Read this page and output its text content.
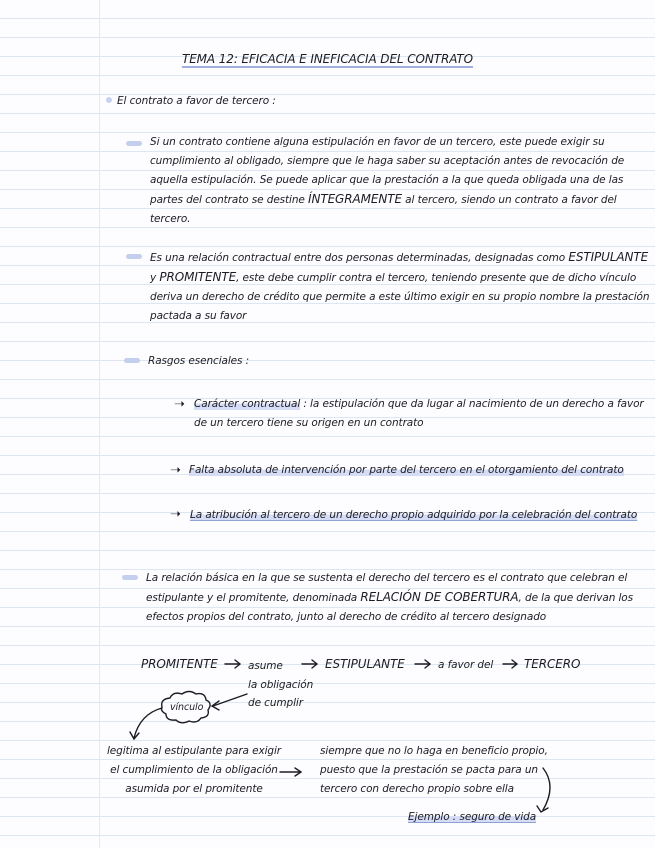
TEMA 12: EFICACIA E INEFICACIA DEL CONTRATO
El contrato a favor de tercero :
Si un contrato contiene alguna estipulación en favor de un tercero, este puede exigir su cumplimiento al obligado, siempre que le haga saber su aceptación antes de revocación de aquella estipulación. Se puede aplicar que la prestación a la que queda obligada una de las partes del contrato se destine ÍNTEGRAMENTE al tercero, siendo un contrato a favor del tercero.
Es una relación contractual entre dos personas determinadas, designadas como ESTIPULANTE y PROMITENTE, este debe cumplir contra el tercero, teniendo presente que de dicho vínculo deriva un derecho de crédito que permite a este último exigir en su propio nombre la prestación pactada a su favor
Rasgos esenciales :
➝ Carácter contractual : la estipulación que da lugar al nacimiento de un derecho a favor de un tercero tiene su origen en un contrato
➝ Falta absoluta de intervención por parte del tercero en el otorgamiento del contrato
➝ La atribución al tercero de un derecho propio adquirido por la celebración del contrato
La relación básica en la que se sustenta el derecho del tercero es el contrato que celebran el estipulante y el promitente, denominada RELACIÓN DE COBERTURA, de la que derivan los efectos propios del contrato, junto al derecho de crédito al tercero designado
PROMITENTE	asume
la obligación
de cumplir
ESTIPULANTE	a favor del	TERCERO
vínculo
legitima al estipulante para exigir
el cumplimiento de la obligación
asumida por el promitente
siempre que no lo haga en beneficio propio,
puesto que la prestación se pacta para un
tercero con derecho propio sobre ella
Ejemplo : seguro de vida
